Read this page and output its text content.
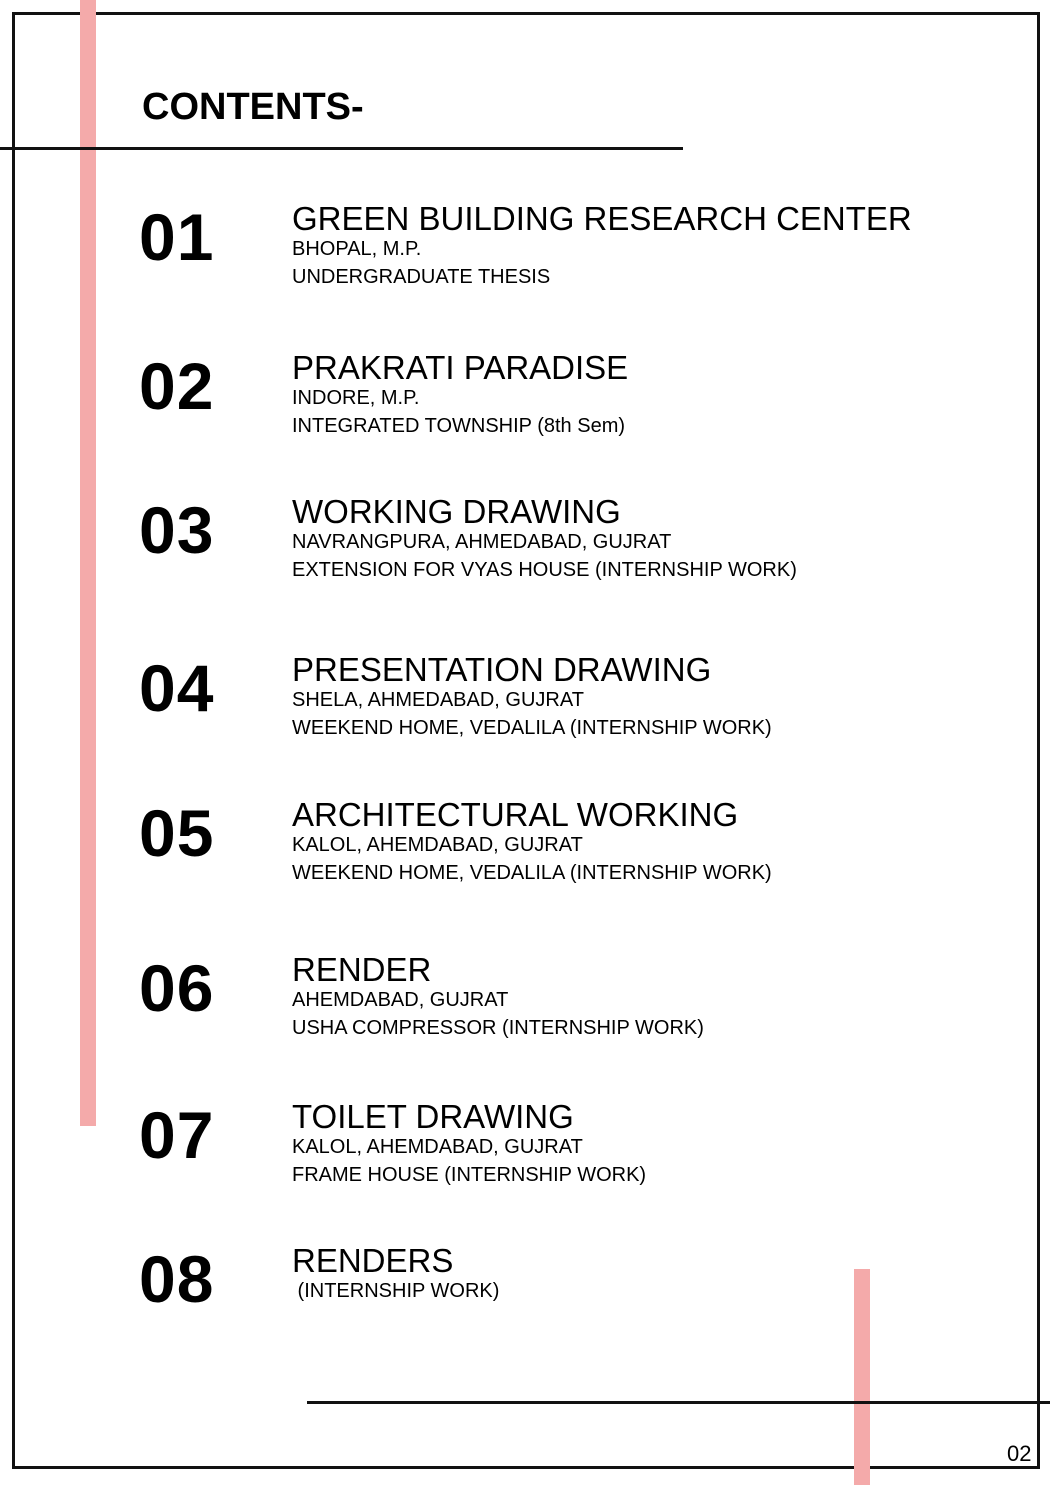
CONTENTS-
01 GREEN BUILDING RESEARCH CENTER
BHOPAL, M.P.
UNDERGRADUATE THESIS
02 PRAKRATI PARADISE
INDORE, M.P.
INTEGRATED TOWNSHIP (8th Sem)
03 WORKING DRAWING
NAVRANGPURA, AHMEDABAD, GUJRAT
EXTENSION FOR VYAS HOUSE (INTERNSHIP WORK)
04 PRESENTATION DRAWING
SHELA, AHMEDABAD, GUJRAT
WEEKEND HOME, VEDALILA (INTERNSHIP WORK)
05 ARCHITECTURAL WORKING
KALOL, AHEMDABAD, GUJRAT
WEEKEND HOME, VEDALILA (INTERNSHIP WORK)
06 RENDER
AHEMDABAD, GUJRAT
USHA COMPRESSOR (INTERNSHIP WORK)
07 TOILET DRAWING
KALOL, AHEMDABAD, GUJRAT
FRAME HOUSE (INTERNSHIP WORK)
08 RENDERS
(INTERNSHIP WORK)
02
